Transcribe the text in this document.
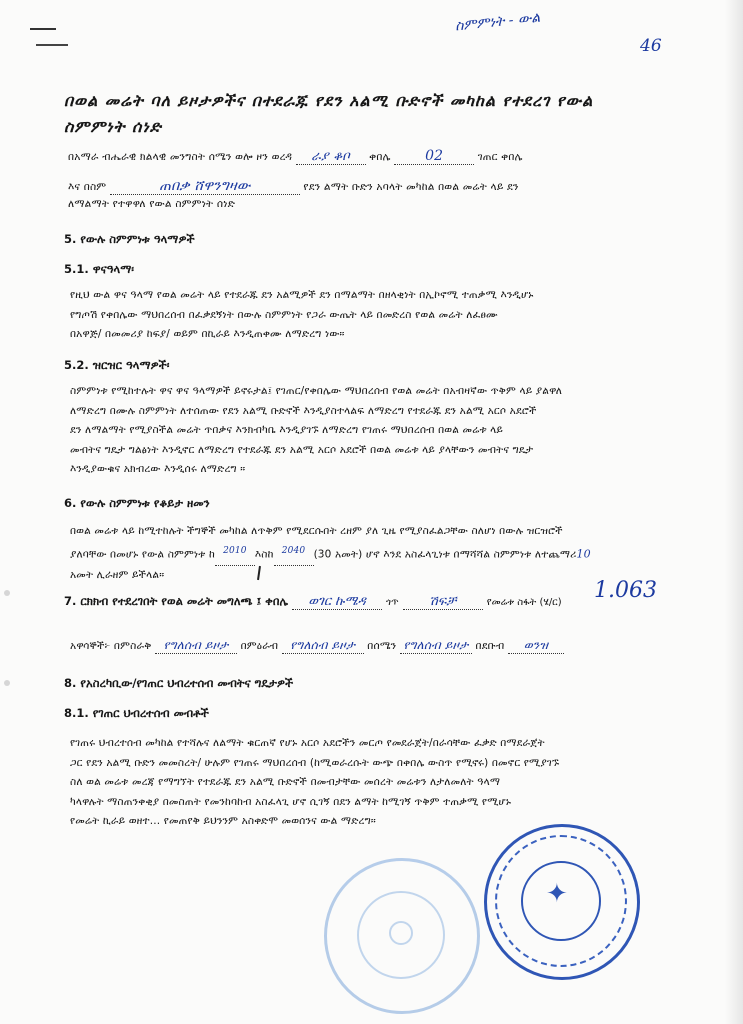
ስምምነት - ውል
46
በወል መሬት ባለ ይዞታዎችና በተደራጁ የደን አልሚ ቡድኖች መካከል የተደረገ የውል
ስምምነት ሰነድ
በአማራ ብሔራዊ ክልላዊ መንግስት ሰሜን ወሎ ዞን ወረዳ ራያ ቆቦ ቀበሌ 02	ገጠር ቀበሌ
እና በስም	ጠበቃ ሸዋንግዛው	የደን ልማት ቡድን አባላት መካከል በወል መሬት ላይ ደን
ለማልማት የተዋዋለ የውል ስምምነት ሰነድ
5. የውሉ ስምምነቱ ዓላማዎች
5.1. ዋናዓላማ፡
የዚህ ውል ዋና ዓላማ የወል መሬት ላይ የተደራጁ ደን አልሚዎች ደን በማልማት በዘላቂነት በኢኮኖሚ ተጠቃሚ እንዲሆኑ
የግጦሽ የቀበሌው ማህበረሰብ በፈቃደኝነት በውሉ ስምምነት የጋራ ውጤት ላይ በመድረስ የወል መሬት ለፈፀሙ
በአዋጅ/ በመመሪያ ከፍያ/ ወይም በኪራይ እንዲጠቀሙ ለማድረግ ነው።
5.2. ዝርዝር ዓላማዎች፡
ስምምነቱ የሚከተሉት ዋና ዋና ዓላማዎች ይኖሩታል፤ የገጠር/የቀበሌው ማህበረሰብ የወል መሬት በአብዛኛው ጥቅም ላይ ያልዋለ
ለማድረግ በሙሉ ስምምነት ለተሰጠው የደን አልሚ ቡድኖች እንዲያስተላልፍ ለማድረግ የተደራጁ ደን አልሚ አርሶ አደሮች
ደን ለማልማት የሚያስችል መሬት ጥበቃና እንክብካቤ እንዲያገኙ ለማድረግ የገጠሩ ማህበረሰብ በወል መሬቱ ላይ
መብትና ግዴታ ግልፅነት እንዲኖር ለማድረግ የተደራጁ ደን አልሚ አርሶ አደሮች በወል መሬቱ ላይ ያላቸውን መብትና ግዴታ
እንዲያውቁና አክብረው እንዲሰሩ ለማድረግ ።
6. የውሉ ስምምነቱ የቆይታ ዘመን
በወል መሬቱ ላይ ከሚተከሉት ችግኞች መካከል ለጥቅም የሚደርሱበት ረዘም ያለ ጊዜ የሚያስፈልጋቸው ስለሆነ በውሉ ዝርዝሮች
ያለባቸው በመሆኑ የውል ስምምነቱ ከ 2010 እስከ 2040 (30 አመት) ሆኖ እንደ አስፈላጊነቱ በማሻሻል ስምምነቱ ለተጨማሪ10
አመት ሊራዘም ይችላል።
7. ርክክብ የተደረገበት የወል መሬት መግለጫ ፤ ቀበሌ ወገር ኩሜዳ ጎጥ ሽፍቻ	የመሬቱ ስፋት (ሄ/ር) 1.063
አዋሳኞች፦ በምስራቅ የግለሰብ ይዞታ በምዕራብ የግለሰብ ይዞታ በሰሜን የግለሰብ ይዞታ በደቡብ ወንዝ
8. የአስረካቢው/የገጠር ህብረተሰብ መብትና ግዴታዎች
8.1. የገጠር ህብረተሰብ መብቶች
የገጠሩ ህብረተሰብ መካከል የተሻሉና ለልማት ቁርጠኛ የሆኑ አርሶ አደሮችን መርጦ የመደራጀት/በራሳቸው ፈቃድ በማደራጀት
ጋር የደን አልሚ ቡድን መመስረት/ ሁሉም የገጠሩ ማህበረሰብ (ከሚወራረሱት ውጭ በቀበሌ ውስጥ የሚኖሩ) በመኖር የሚያገኙ
ስለ ወል መሬቱ መረጃ የማግኘት የተደራጁ ደን አልሚ ቡድኖች በመብታቸው መሰረት መሬቱን ለታለመለት ዓላማ
ካላዋሉት ማስጠንቀቂያ በመስጠት የመንከባከብ አስፈላጊ ሆኖ ሲገኝ በደን ልማት ከሚገኝ ጥቅም ተጠቃሚ የሚሆኑ
የመሬት ኪራይ ወዘተ... የመጠየቅ ይህንንም አስቀድሞ መወሰንና ውል ማድረግ።
✦
